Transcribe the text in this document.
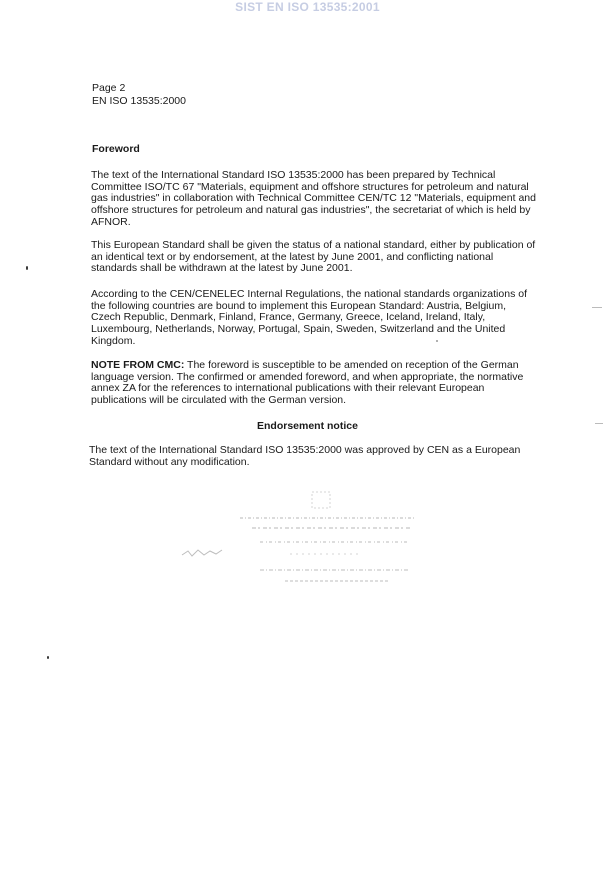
SIST EN ISO 13535:2001
Page 2
EN ISO 13535:2000
Foreword

The text of the International Standard ISO 13535:2000 has been prepared by Technical Committee ISO/TC 67 "Materials, equipment and offshore structures for petroleum and natural gas industries" in collaboration with Technical Committee CEN/TC 12 "Materials, equipment and offshore structures for petroleum and natural gas industries", the secretariat of which is held by AFNOR.

This European Standard shall be given the status of a national standard, either by publication of an identical text or by endorsement, at the latest by June 2001, and conflicting national standards shall be withdrawn at the latest by June 2001.

According to the CEN/CENELEC Internal Regulations, the national standards organizations of the following countries are bound to implement this European Standard: Austria, Belgium, Czech Republic, Denmark, Finland, France, Germany, Greece, Iceland, Ireland, Italy, Luxembourg, Netherlands, Norway, Portugal, Spain, Sweden, Switzerland and the United Kingdom.

NOTE FROM CMC: The foreword is susceptible to be amended on reception of the German language version. The confirmed or amended foreword, and when appropriate, the normative annex ZA for the references to international publications with their relevant European publications will be circulated with the German version.

Endorsement notice

The text of the International Standard ISO 13535:2000 was approved by CEN as a European Standard without any modification.
